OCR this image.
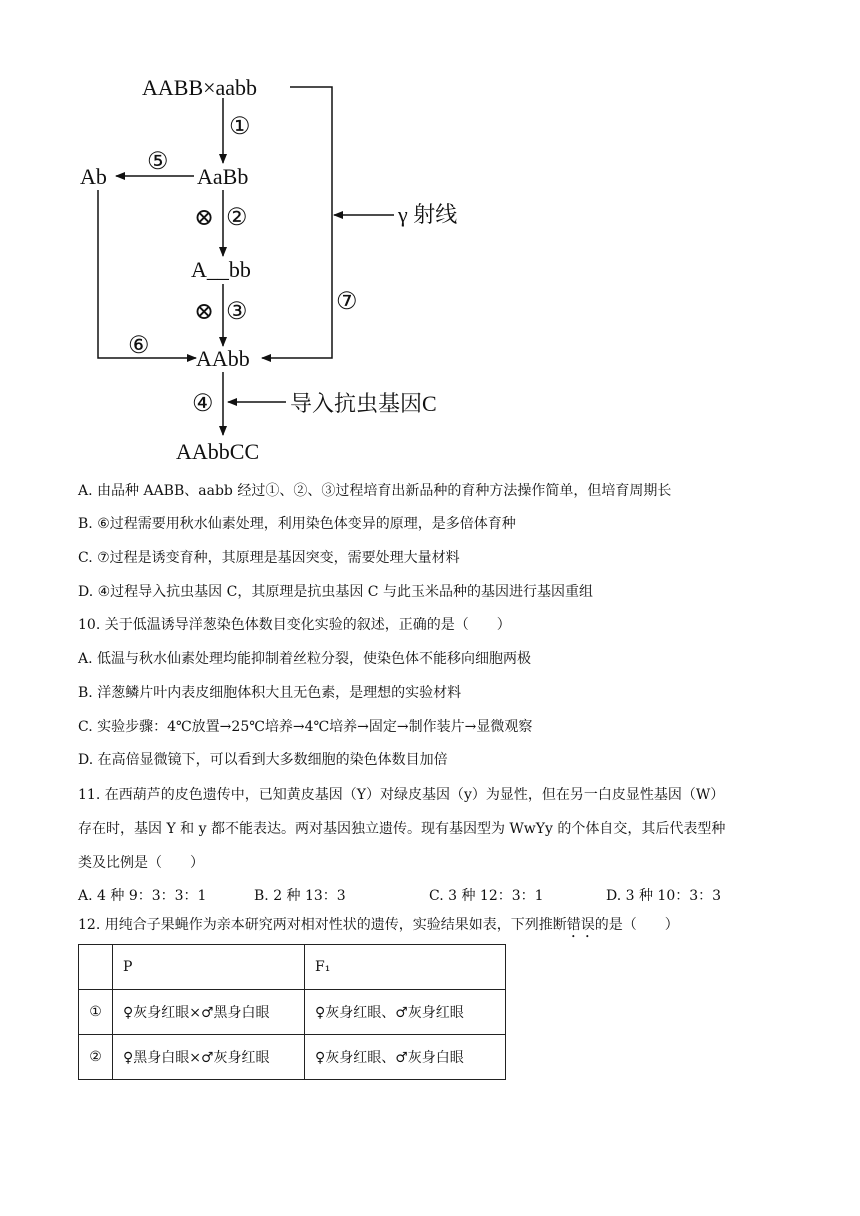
AABB×aabb
AaBb
Ab
A__bb
AAbb
AAbbCC
γ 射线
导入抗虫基因C
①
②
③
④
⑤
⑥
⑦
⊗
⊗
A. 由品种 AABB、aabb 经过①、②、③过程培育出新品种的育种方法操作简单，但培育周期长
B. ⑥过程需要用秋水仙素处理，利用染色体变异的原理，是多倍体育种
C. ⑦过程是诱变育种，其原理是基因突变，需要处理大量材料
D. ④过程导入抗虫基因 C，其原理是抗虫基因 C 与此玉米品种的基因进行基因重组
10. 关于低温诱导洋葱染色体数目变化实验的叙述，正确的是（　　）
A. 低温与秋水仙素处理均能抑制着丝粒分裂，使染色体不能移向细胞两极
B. 洋葱鳞片叶内表皮细胞体积大且无色素，是理想的实验材料
C. 实验步骤：4℃放置→25℃培养→4℃培养→固定→制作装片→显微观察
D. 在高倍显微镜下，可以看到大多数细胞的染色体数目加倍
11. 在西葫芦的皮色遗传中，已知黄皮基因（Y）对绿皮基因（y）为显性，但在另一白皮显性基因（W）
存在时，基因 Y 和 y 都不能表达。两对基因独立遗传。现有基因型为 WwYy 的个体自交，其后代表型种
类及比例是（　　）
A. 4 种 9：3：3：1	B. 2 种 13：3	C. 3 种 12：3：1	D. 3 种 10：3：3
12. 用纯合子果蝇作为亲本研究两对相对性状的遗传，实验结果如表，下列推断错误的是（　　）
	P	F₁
①	♀灰身红眼×♂黑身白眼	♀灰身红眼、♂灰身红眼
②	♀黑身白眼×♂灰身红眼	♀灰身红眼、♂灰身白眼
